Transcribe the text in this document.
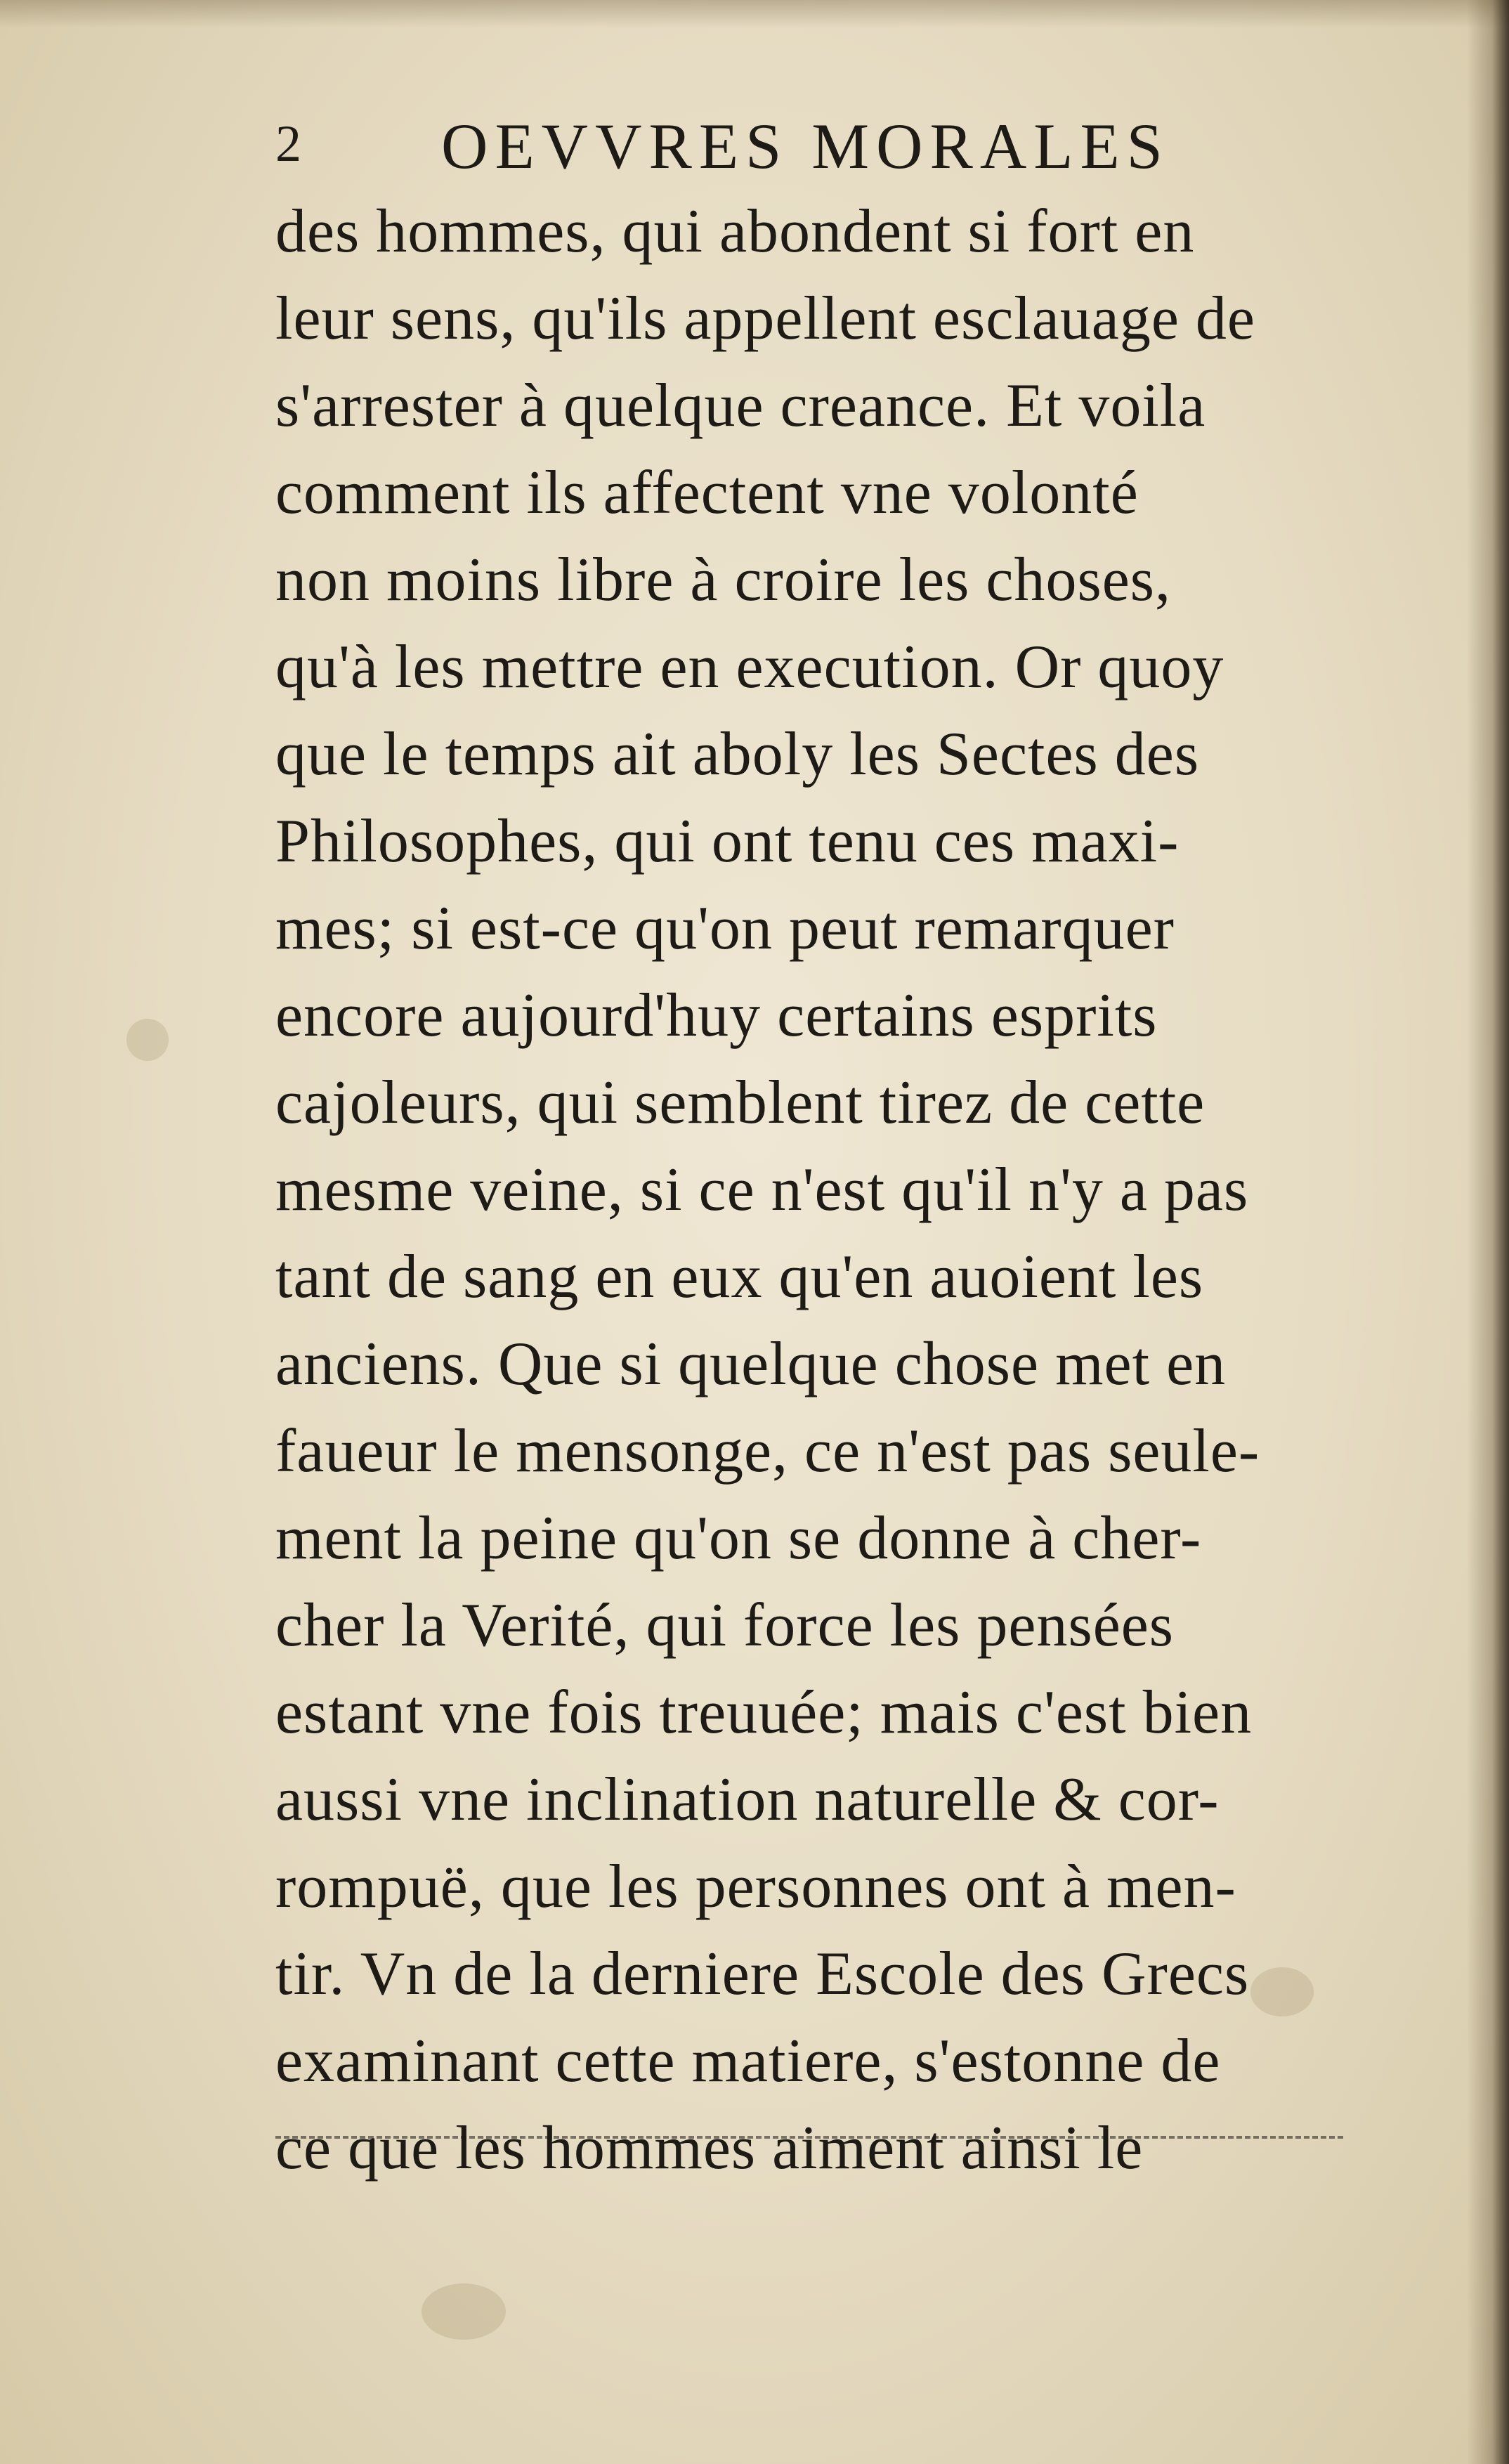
2 OEVVRES MORALES
des hommes, qui abondent si fort en
leur sens, qu'ils appellent esclauage de
s'arrester à quelque creance. Et voila
comment ils affectent vne volonté
non moins libre à croire les choses,
qu'à les mettre en execution. Or quoy
que le temps ait aboly les Sectes des
Philosophes, qui ont tenu ces maxi-
mes; si est-ce qu'on peut remarquer
encore aujourd'huy certains esprits
cajoleurs, qui semblent tirez de cette
mesme veine, si ce n'est qu'il n'y a pas
tant de sang en eux qu'en auoient les
anciens. Que si quelque chose met en
faueur le mensonge, ce n'est pas seule-
ment la peine qu'on se donne à cher-
cher la Verité, qui force les pensées
estant vne fois treuuée; mais c'est bien
aussi vne inclination naturelle & cor-
rompuë, que les personnes ont à men-
tir. Vn de la derniere Escole des Grecs
examinant cette matiere, s'estonne de
ce que les hommes aiment ainsi le
